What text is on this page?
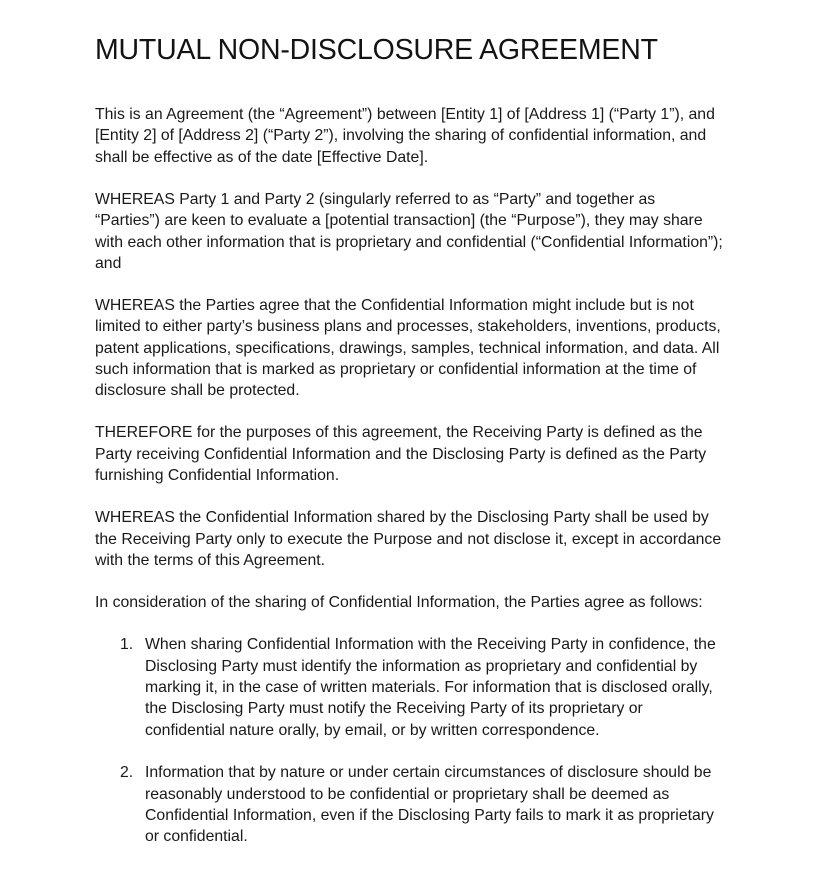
MUTUAL NON-DISCLOSURE AGREEMENT

This is an Agreement (the “Agreement”) between [Entity 1] of [Address 1] (“Party 1”), and [Entity 2] of [Address 2] (“Party 2”), involving the sharing of confidential information, and shall be effective as of the date [Effective Date].

WHEREAS Party 1 and Party 2 (singularly referred to as “Party” and together as “Parties”) are keen to evaluate a [potential transaction] (the “Purpose”), they may share with each other information that is proprietary and confidential (“Confidential Information”); and

WHEREAS the Parties agree that the Confidential Information might include but is not limited to either party’s business plans and processes, stakeholders, inventions, products, patent applications, specifications, drawings, samples, technical information, and data. All such information that is marked as proprietary or confidential information at the time of disclosure shall be protected.

THEREFORE for the purposes of this agreement, the Receiving Party is defined as the Party receiving Confidential Information and the Disclosing Party is defined as the Party furnishing Confidential Information.

WHEREAS the Confidential Information shared by the Disclosing Party shall be used by the Receiving Party only to execute the Purpose and not disclose it, except in accordance with the terms of this Agreement.

In consideration of the sharing of Confidential Information, the Parties agree as follows:

1. When sharing Confidential Information with the Receiving Party in confidence, the Disclosing Party must identify the information as proprietary and confidential by marking it, in the case of written materials. For information that is disclosed orally, the Disclosing Party must notify the Receiving Party of its proprietary or confidential nature orally, by email, or by written correspondence.
2. Information that by nature or under certain circumstances of disclosure should be reasonably understood to be confidential or proprietary shall be deemed as Confidential Information, even if the Disclosing Party fails to mark it as proprietary or confidential.
